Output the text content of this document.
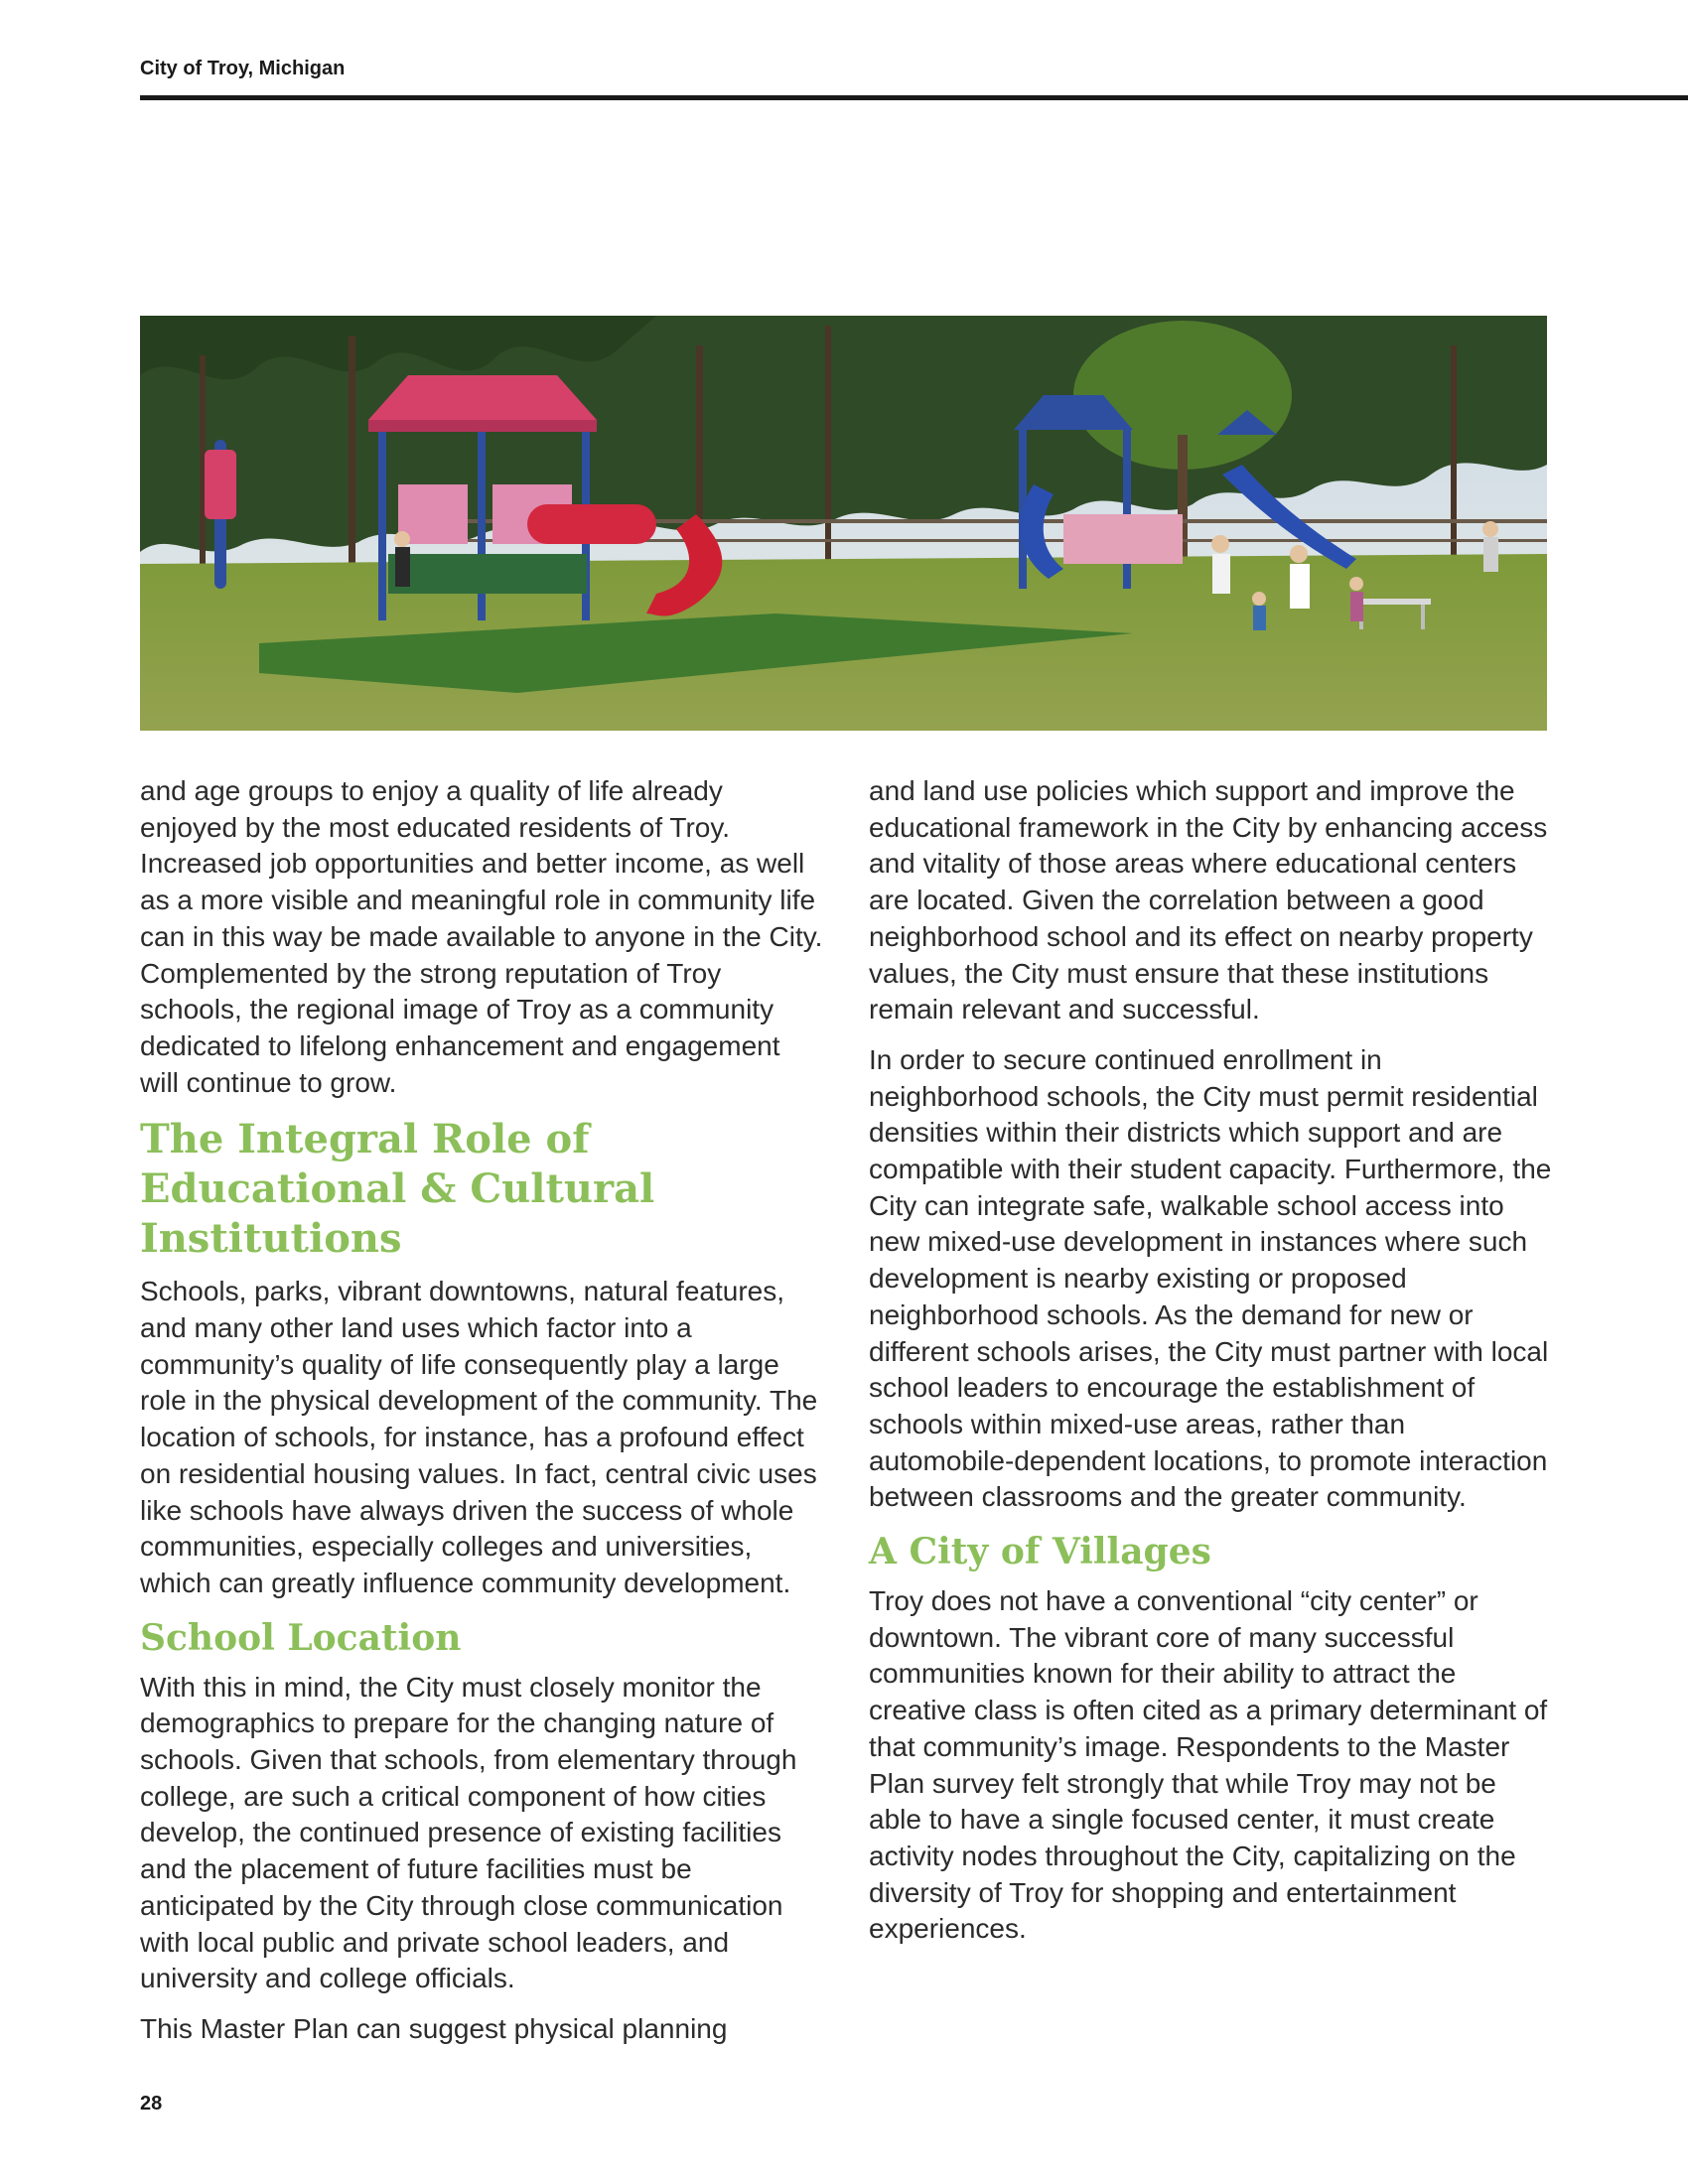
City of Troy, Michigan

and age groups to enjoy a quality of life already enjoyed by the most educated residents of Troy. Increased job opportunities and better income, as well as a more visible and meaningful role in community life can in this way be made available to anyone in the City. Complemented by the strong reputation of Troy schools, the regional image of Troy as a community dedicated to lifelong enhancement and engagement will continue to grow.

The Integral Role of Educational & Cultural Institutions

Schools, parks, vibrant downtowns, natural features, and many other land uses which factor into a community’s quality of life consequently play a large role in the physical development of the community. The location of schools, for instance, has a profound effect on residential housing values. In fact, central civic uses like schools have always driven the success of whole communities, especially colleges and universities, which can greatly influence community development.

School Location

With this in mind, the City must closely monitor the demographics to prepare for the changing nature of schools. Given that schools, from elementary through college, are such a critical component of how cities develop, the continued presence of existing facilities and the placement of future facilities must be anticipated by the City through close communication with local public and private school leaders, and university and college officials.

This Master Plan can suggest physical planning

and land use policies which support and improve the educational framework in the City by enhancing access and vitality of those areas where educational centers are located. Given the correlation between a good neighborhood school and its effect on nearby property values, the City must ensure that these institutions remain relevant and successful.

In order to secure continued enrollment in neighborhood schools, the City must permit residential densities within their districts which support and are compatible with their student capacity. Furthermore, the City can integrate safe, walkable school access into new mixed-use development in instances where such development is nearby existing or proposed neighborhood schools. As the demand for new or different schools arises, the City must partner with local school leaders to encourage the establishment of schools within mixed-use areas, rather than automobile-dependent locations, to promote interaction between classrooms and the greater community.

A City of Villages

Troy does not have a conventional “city center” or downtown. The vibrant core of many successful communities known for their ability to attract the creative class is often cited as a primary determinant of that community’s image. Respondents to the Master Plan survey felt strongly that while Troy may not be able to have a single focused center, it must create activity nodes throughout the City, capitalizing on the diversity of Troy for shopping and entertainment experiences.

28
